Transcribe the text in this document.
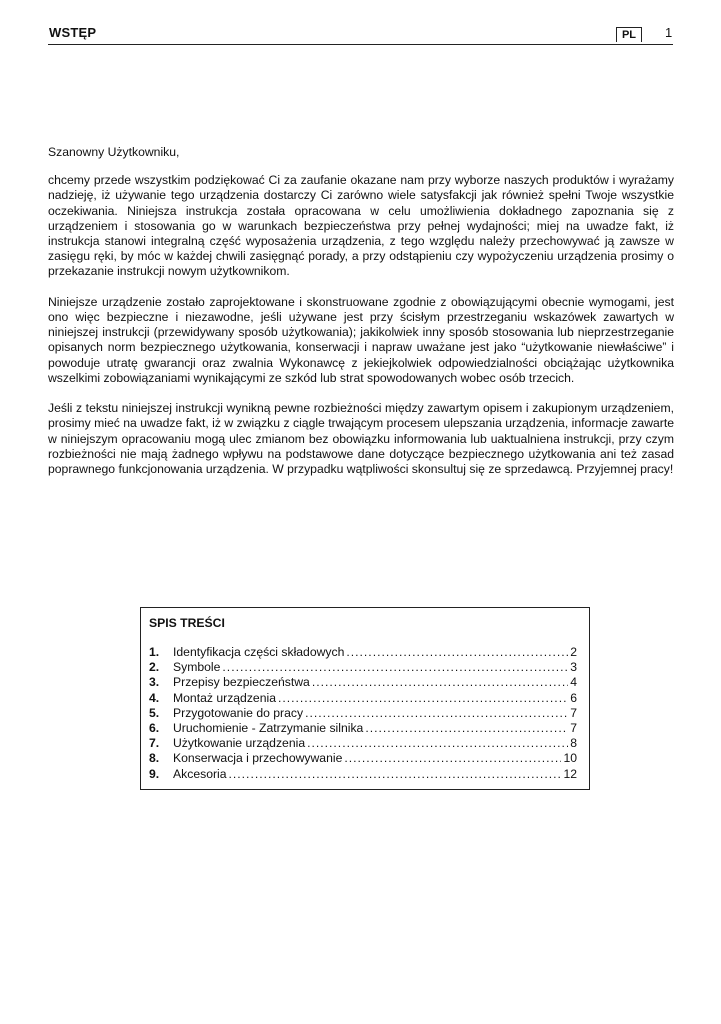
WSTĘP	PL	1

Szanowny Użytkowniku,

chcemy przede wszystkim podziękować Ci za zaufanie okazane nam przy wyborze naszych produktów i wyrażamy nadzieję, iż używanie tego urządzenia dostarczy Ci zarówno wiele satysfakcji jak również spełni Twoje wszystkie oczekiwania. Niniejsza instrukcja została opracowana w celu umożliwienia dokładnego zapoznania się z urządzeniem i stosowania go w warunkach bezpieczeństwa przy pełnej wydajności; miej na uwadze fakt, iż instrukcja stanowi integralną część wyposażenia urządzenia, z tego względu należy przechowywać ją zawsze w zasięgu ręki, by móc w każdej chwili zasięgnąć porady, a przy odstąpieniu czy wypożyczeniu urządzenia prosimy o przekazanie instrukcji nowym użytkownikom.

Niniejsze urządzenie zostało zaprojektowane i skonstruowane zgodnie z obowiązującymi obecnie wymogami, jest ono więc bezpieczne i niezawodne, jeśli używane jest przy ścisłym przestrzeganiu wskazówek zawartych w niniejszej instrukcji (przewidywany sposób użytkowania); jakikolwiek inny sposób stosowania lub nieprzestrzeganie opisanych norm bezpiecznego użytkowania, konserwacji i napraw uważane jest jako “użytkowanie niewłaściwe” i powoduje utratę gwarancji oraz zwalnia Wykonawcę z jekiejkolwiek odpowiedzialności obciążając użytkownika wszelkimi zobowiązaniami wynikającymi ze szkód lub strat spowodowanych wobec osób trzecich.

Jeśli z tekstu niniejszej instrukcji wynikną pewne rozbieżności między zawartym opisem i zakupionym urządzeniem, prosimy mieć na uwadze fakt, iż w związku z ciągle trwającym procesem ulepszania urządzenia, informacje zawarte w niniejszym opracowaniu mogą ulec zmianom bez obowiązku informowania lub uaktualniena instrukcji, przy czym rozbieżności nie mają żadnego wpływu na podstawowe dane dotyczące bezpiecznego użytkowania ani też zasad poprawnego funkcjonowania urządzenia. W przypadku wątpliwości skonsultuj się ze sprzedawcą. Przyjemnej pracy!

SPIS TREŚCI
1.	Identyfikacja części składowych .....	2
2.	Symbole .....	3
3.	Przepisy bezpieczeństwa .....	4
4.	Montaż urządzenia .....	6
5.	Przygotowanie do pracy .....	7
6.	Uruchomienie - Zatrzymanie silnika .....	7
7.	Użytkowanie urządzenia .....	8
8.	Konserwacja i przechowywanie .....	10
9.	Akcesoria .....	12
